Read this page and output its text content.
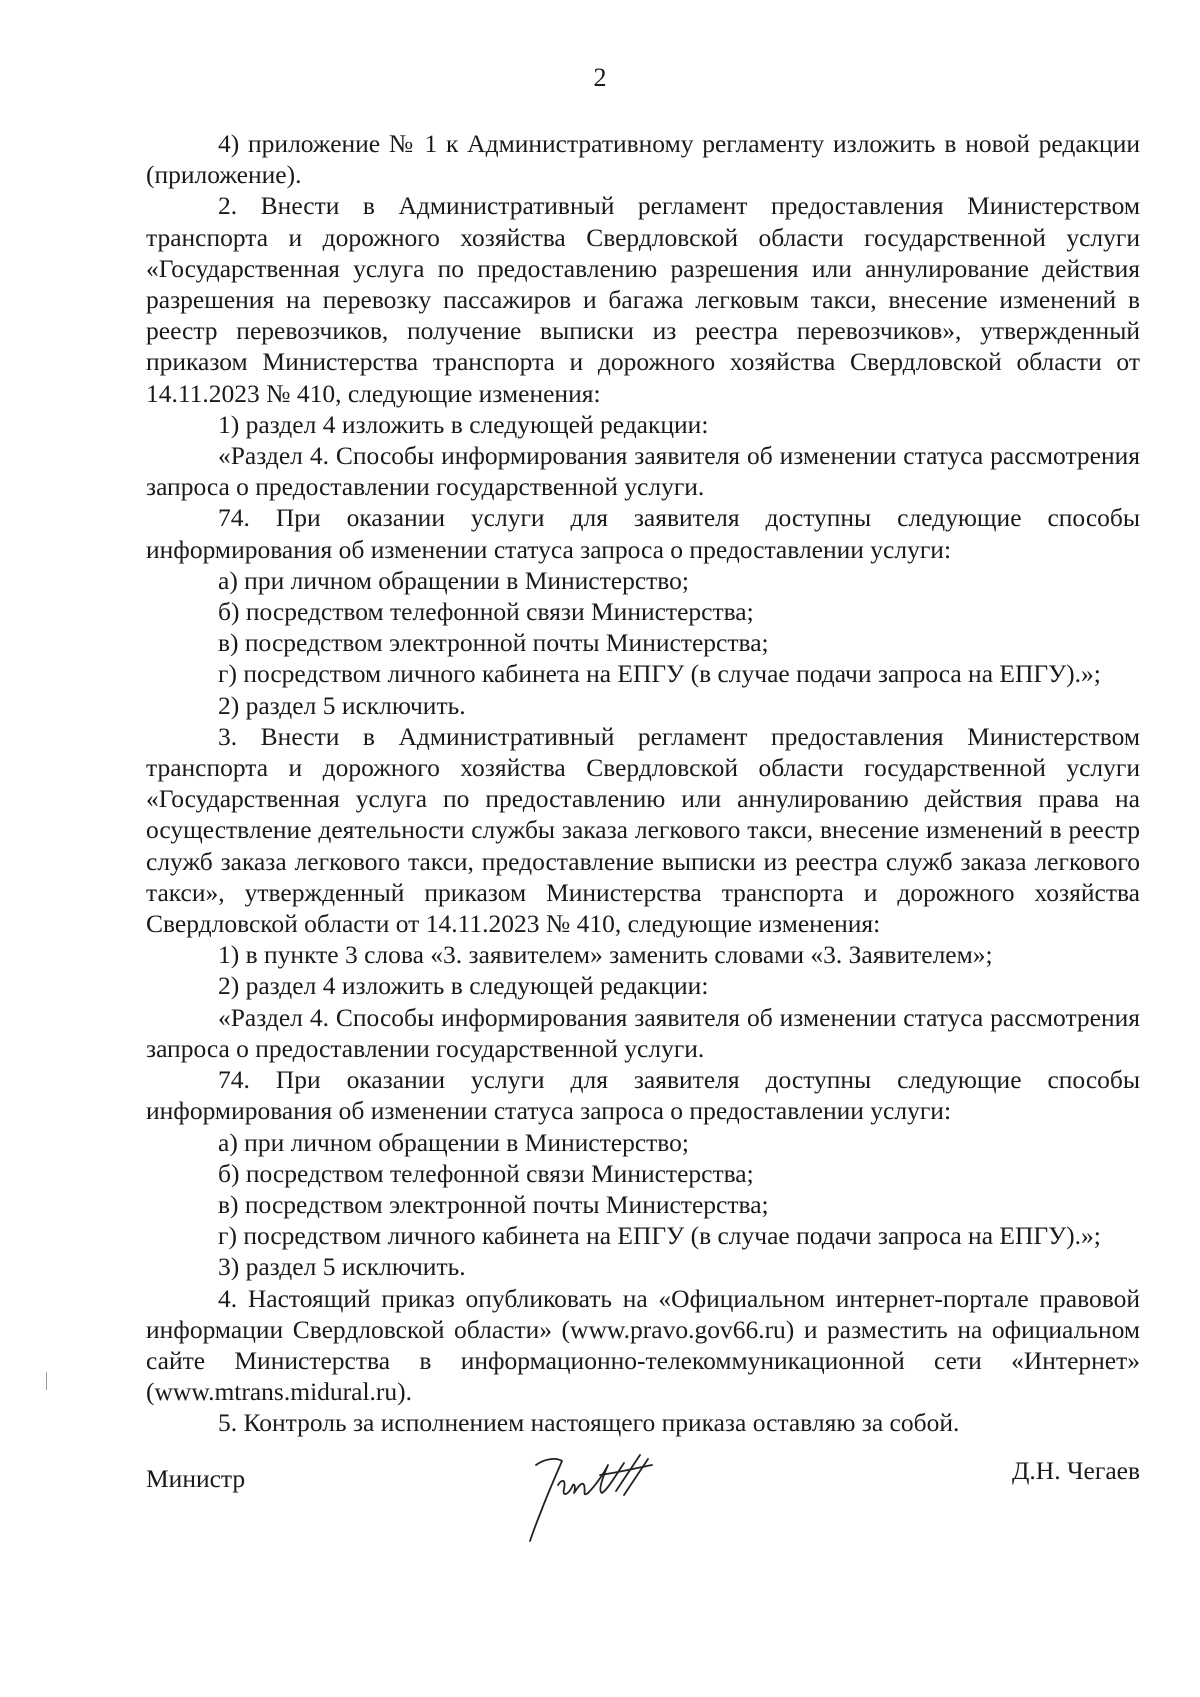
2

4) приложение № 1 к Административному регламенту изложить в новой редакции (приложение).

2. Внести в Административный регламент предоставления Министерством транспорта и дорожного хозяйства Свердловской области государственной услуги «Государственная услуга по предоставлению разрешения или аннулирование действия разрешения на перевозку пассажиров и багажа легковым такси, внесение изменений в реестр перевозчиков, получение выписки из реестра перевозчиков», утвержденный приказом Министерства транспорта и дорожного хозяйства Свердловской области от 14.11.2023 № 410, следующие изменения:

1) раздел 4 изложить в следующей редакции:

«Раздел 4. Способы информирования заявителя об изменении статуса рассмотрения запроса о предоставлении государственной услуги.

74. При оказании услуги для заявителя доступны следующие способы информирования об изменении статуса запроса о предоставлении услуги:

а) при личном обращении в Министерство;

б) посредством телефонной связи Министерства;

в) посредством электронной почты Министерства;

г) посредством личного кабинета на ЕПГУ (в случае подачи запроса на ЕПГУ).»;

2) раздел 5 исключить.

3. Внести в Административный регламент предоставления Министерством транспорта и дорожного хозяйства Свердловской области государственной услуги «Государственная услуга по предоставлению или аннулированию действия права на осуществление деятельности службы заказа легкового такси, внесение изменений в реестр служб заказа легкового такси, предоставление выписки из реестра служб заказа легкового такси», утвержденный приказом Министерства транспорта и дорожного хозяйства Свердловской области от 14.11.2023 № 410, следующие изменения:

1) в пункте 3 слова «3. заявителем» заменить словами «3. Заявителем»;

2) раздел 4 изложить в следующей редакции:

«Раздел 4. Способы информирования заявителя об изменении статуса рассмотрения запроса о предоставлении государственной услуги.

74. При оказании услуги для заявителя доступны следующие способы информирования об изменении статуса запроса о предоставлении услуги:

а) при личном обращении в Министерство;

б) посредством телефонной связи Министерства;

в) посредством электронной почты Министерства;

г) посредством личного кабинета на ЕПГУ (в случае подачи запроса на ЕПГУ).»;

3) раздел 5 исключить.

4. Настоящий приказ опубликовать на «Официальном интернет-портале правовой информации Свердловской области» (www.pravo.gov66.ru) и разместить на официальном сайте Министерства в информационно-телекоммуникационной сети «Интернет» (www.mtrans.midural.ru).

5. Контроль за исполнением настоящего приказа оставляю за собой.

Министр	Д.Н. Чегаев
